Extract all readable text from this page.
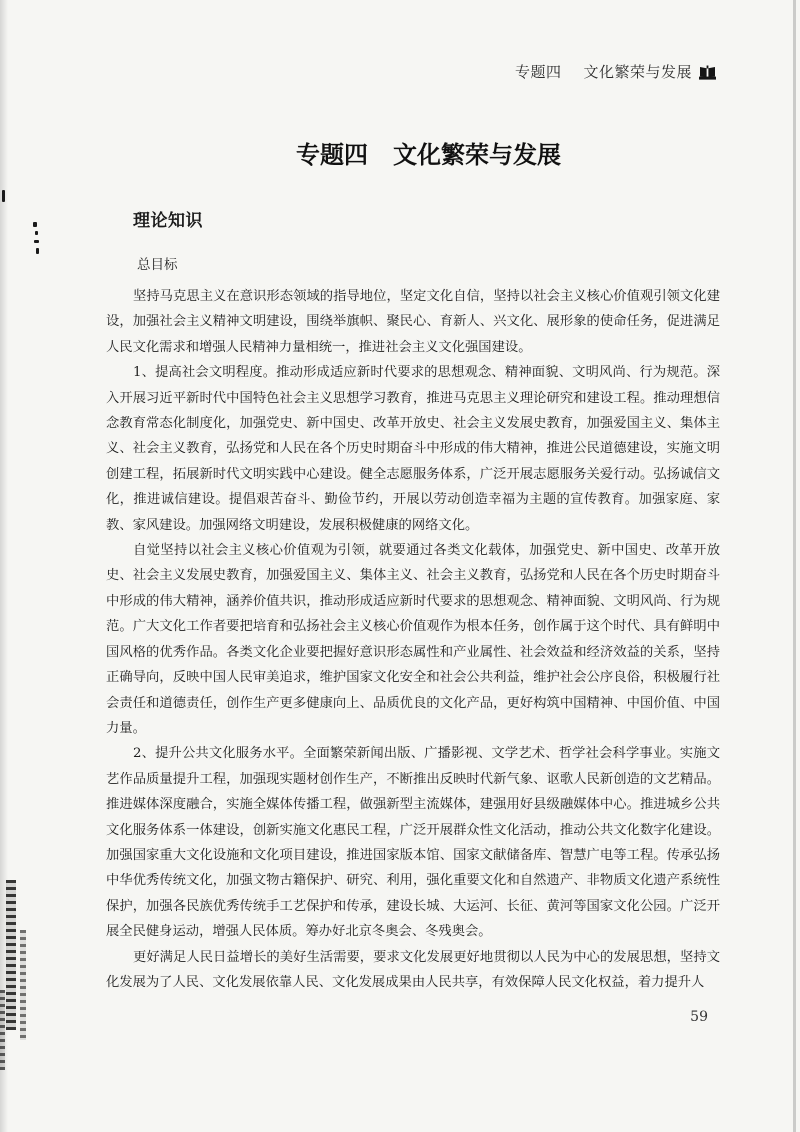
专题四 文化繁荣与发展
专题四 文化繁荣与发展
理论知识
总目标

坚持马克思主义在意识形态领域的指导地位，坚定文化自信，坚持以社会主义核心价值观引领文化建设，加强社会主义精神文明建设，围绕举旗帜、聚民心、育新人、兴文化、展形象的使命任务，促进满足人民文化需求和增强人民精神力量相统一，推进社会主义文化强国建设。

1、提高社会文明程度。推动形成适应新时代要求的思想观念、精神面貌、文明风尚、行为规范。深入开展习近平新时代中国特色社会主义思想学习教育，推进马克思主义理论研究和建设工程。推动理想信念教育常态化制度化，加强党史、新中国史、改革开放史、社会主义发展史教育，加强爱国主义、集体主义、社会主义教育，弘扬党和人民在各个历史时期奋斗中形成的伟大精神，推进公民道德建设，实施文明创建工程，拓展新时代文明实践中心建设。健全志愿服务体系，广泛开展志愿服务关爱行动。弘扬诚信文化，推进诚信建设。提倡艰苦奋斗、勤俭节约，开展以劳动创造幸福为主题的宣传教育。加强家庭、家教、家风建设。加强网络文明建设，发展积极健康的网络文化。

自觉坚持以社会主义核心价值观为引领，就要通过各类文化载体，加强党史、新中国史、改革开放史、社会主义发展史教育，加强爱国主义、集体主义、社会主义教育，弘扬党和人民在各个历史时期奋斗中形成的伟大精神，涵养价值共识，推动形成适应新时代要求的思想观念、精神面貌、文明风尚、行为规范。广大文化工作者要把培育和弘扬社会主义核心价值观作为根本任务，创作属于这个时代、具有鲜明中国风格的优秀作品。各类文化企业要把握好意识形态属性和产业属性、社会效益和经济效益的关系，坚持正确导向，反映中国人民审美追求，维护国家文化安全和社会公共利益，维护社会公序良俗，积极履行社会责任和道德责任，创作生产更多健康向上、品质优良的文化产品，更好构筑中国精神、中国价值、中国力量。

2、提升公共文化服务水平。全面繁荣新闻出版、广播影视、文学艺术、哲学社会科学事业。实施文艺作品质量提升工程，加强现实题材创作生产，不断推出反映时代新气象、讴歌人民新创造的文艺精品。推进媒体深度融合，实施全媒体传播工程，做强新型主流媒体，建强用好县级融媒体中心。推进城乡公共文化服务体系一体建设，创新实施文化惠民工程，广泛开展群众性文化活动，推动公共文化数字化建设。加强国家重大文化设施和文化项目建设，推进国家版本馆、国家文献储备库、智慧广电等工程。传承弘扬中华优秀传统文化，加强文物古籍保护、研究、利用，强化重要文化和自然遗产、非物质文化遗产系统性保护，加强各民族优秀传统手工艺保护和传承，建设长城、大运河、长征、黄河等国家文化公园。广泛开展全民健身运动，增强人民体质。筹办好北京冬奥会、冬残奥会。

更好满足人民日益增长的美好生活需要，要求文化发展更好地贯彻以人民为中心的发展思想，坚持文化发展为了人民、文化发展依靠人民、文化发展成果由人民共享，有效保障人民文化权益，着力提升人

59
